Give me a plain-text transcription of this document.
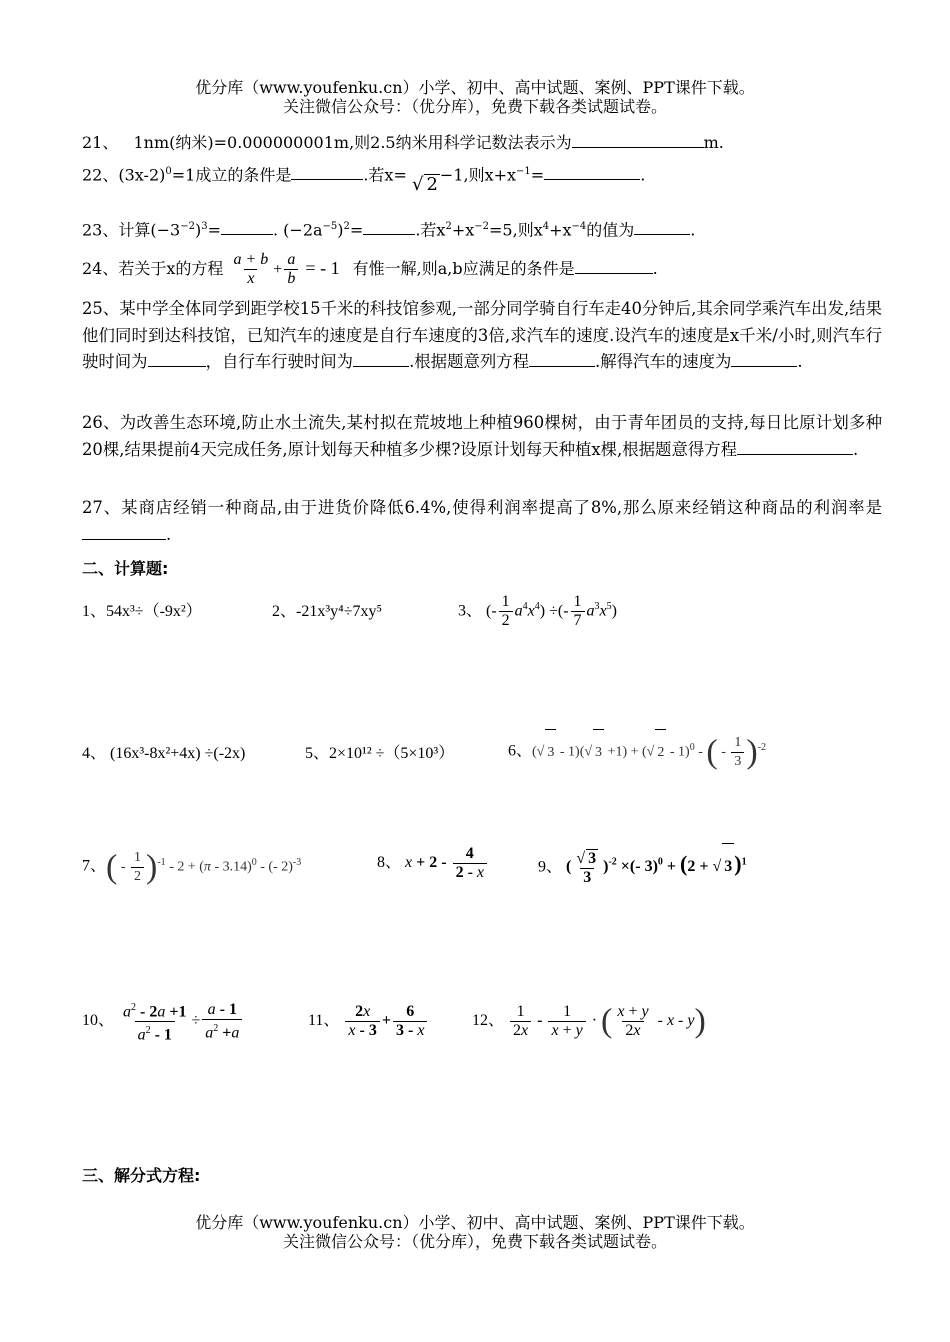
优分库（www.youfenku.cn）小学、初中、高中试题、案例、PPT课件下载。
关注微信公众号：（优分库），免费下载各类试题试卷。
21、 1nm(纳米)=0.000000001m,则2.5纳米用科学记数法表示为	m.
22、$(3x-2)^0=1$成立的条件是	.若x= √ 2 −1,则$x+x^{-1}=$	.
23、计算$(-3^{-2})^3=$	. $(-2a^{-5})^2=$	.若$x^2+x^{-2}=5$,则$x^4+x^{-4}$的值为	.
24、若关于x的方程 $\frac{a + b}{x} + \frac{a}{b}$ = - 1 有惟一解,则a,b应满足的条件是	.
25、某中学全体同学到距学校15千米的科技馆参观,一部分同学骑自行车走40分钟后,其余同学乘汽车出发,结果他们同时到达科技馆，已知汽车的速度是自行车速度的3倍,求汽车的速度.设汽车的速度是x千米/小时,则汽车行驶时间为	，自行车行驶时间为	.根据题意列方程	.解得汽车的速度为	.
26、为改善生态环境,防止水土流失,某村拟在荒坡地上种植960棵树，由于青年团员的支持,每日比原计划多种20棵,结果提前4天完成任务,原计划每天种植多少棵?设原计划每天种植x棵,根据题意得方程	.
27、某商店经销一种商品,由于进货价降低6.4%,使得利润率提高了8%,那么原来经销这种商品的利润率是.
二、计算题:
1、54x³÷（-9x²）	2、-21x³y⁴÷7xy⁵	3、 (- $\frac{1}{2} a^4x^4$) ÷(- $\frac{1}{7} a^3x^5$)
4、 (16x³-8x²+4x) ÷(-2x)	5、2×10¹² ÷（5×10³）	6、(√ 3 - 1)(√ 3 +1) + (√ 2 - 1)$^0$ - ( - $\frac{1}{3} )^{-2}$
7、( - $\frac{1}{2} )^{-1} - 2 + (\pi - 3.14)^0$ - (- 2)$^{-3}$	8、 $x + 2 - \frac{4}{2 - x}$	9、 ( $\frac{√ 3}{3} )^{-2}$ ×(- 3)$^0$ + (2 + √ 3)$^1$
10、 $\frac{a^2 - 2a +1}{a^2 - 1} \div \frac{a - 1}{a^2 +a}$	11、 $\frac{2x}{x - 3} + \frac{6}{3 - x}$	12、 $\frac{1}{2x} - \frac{1}{x + y}$ · ( $\frac{x + y}{2x}$ - x - y)
三、解分式方程:
优分库（www.youfenku.cn）小学、初中、高中试题、案例、PPT课件下载。
关注微信公众号：（优分库），免费下载各类试题试卷。
